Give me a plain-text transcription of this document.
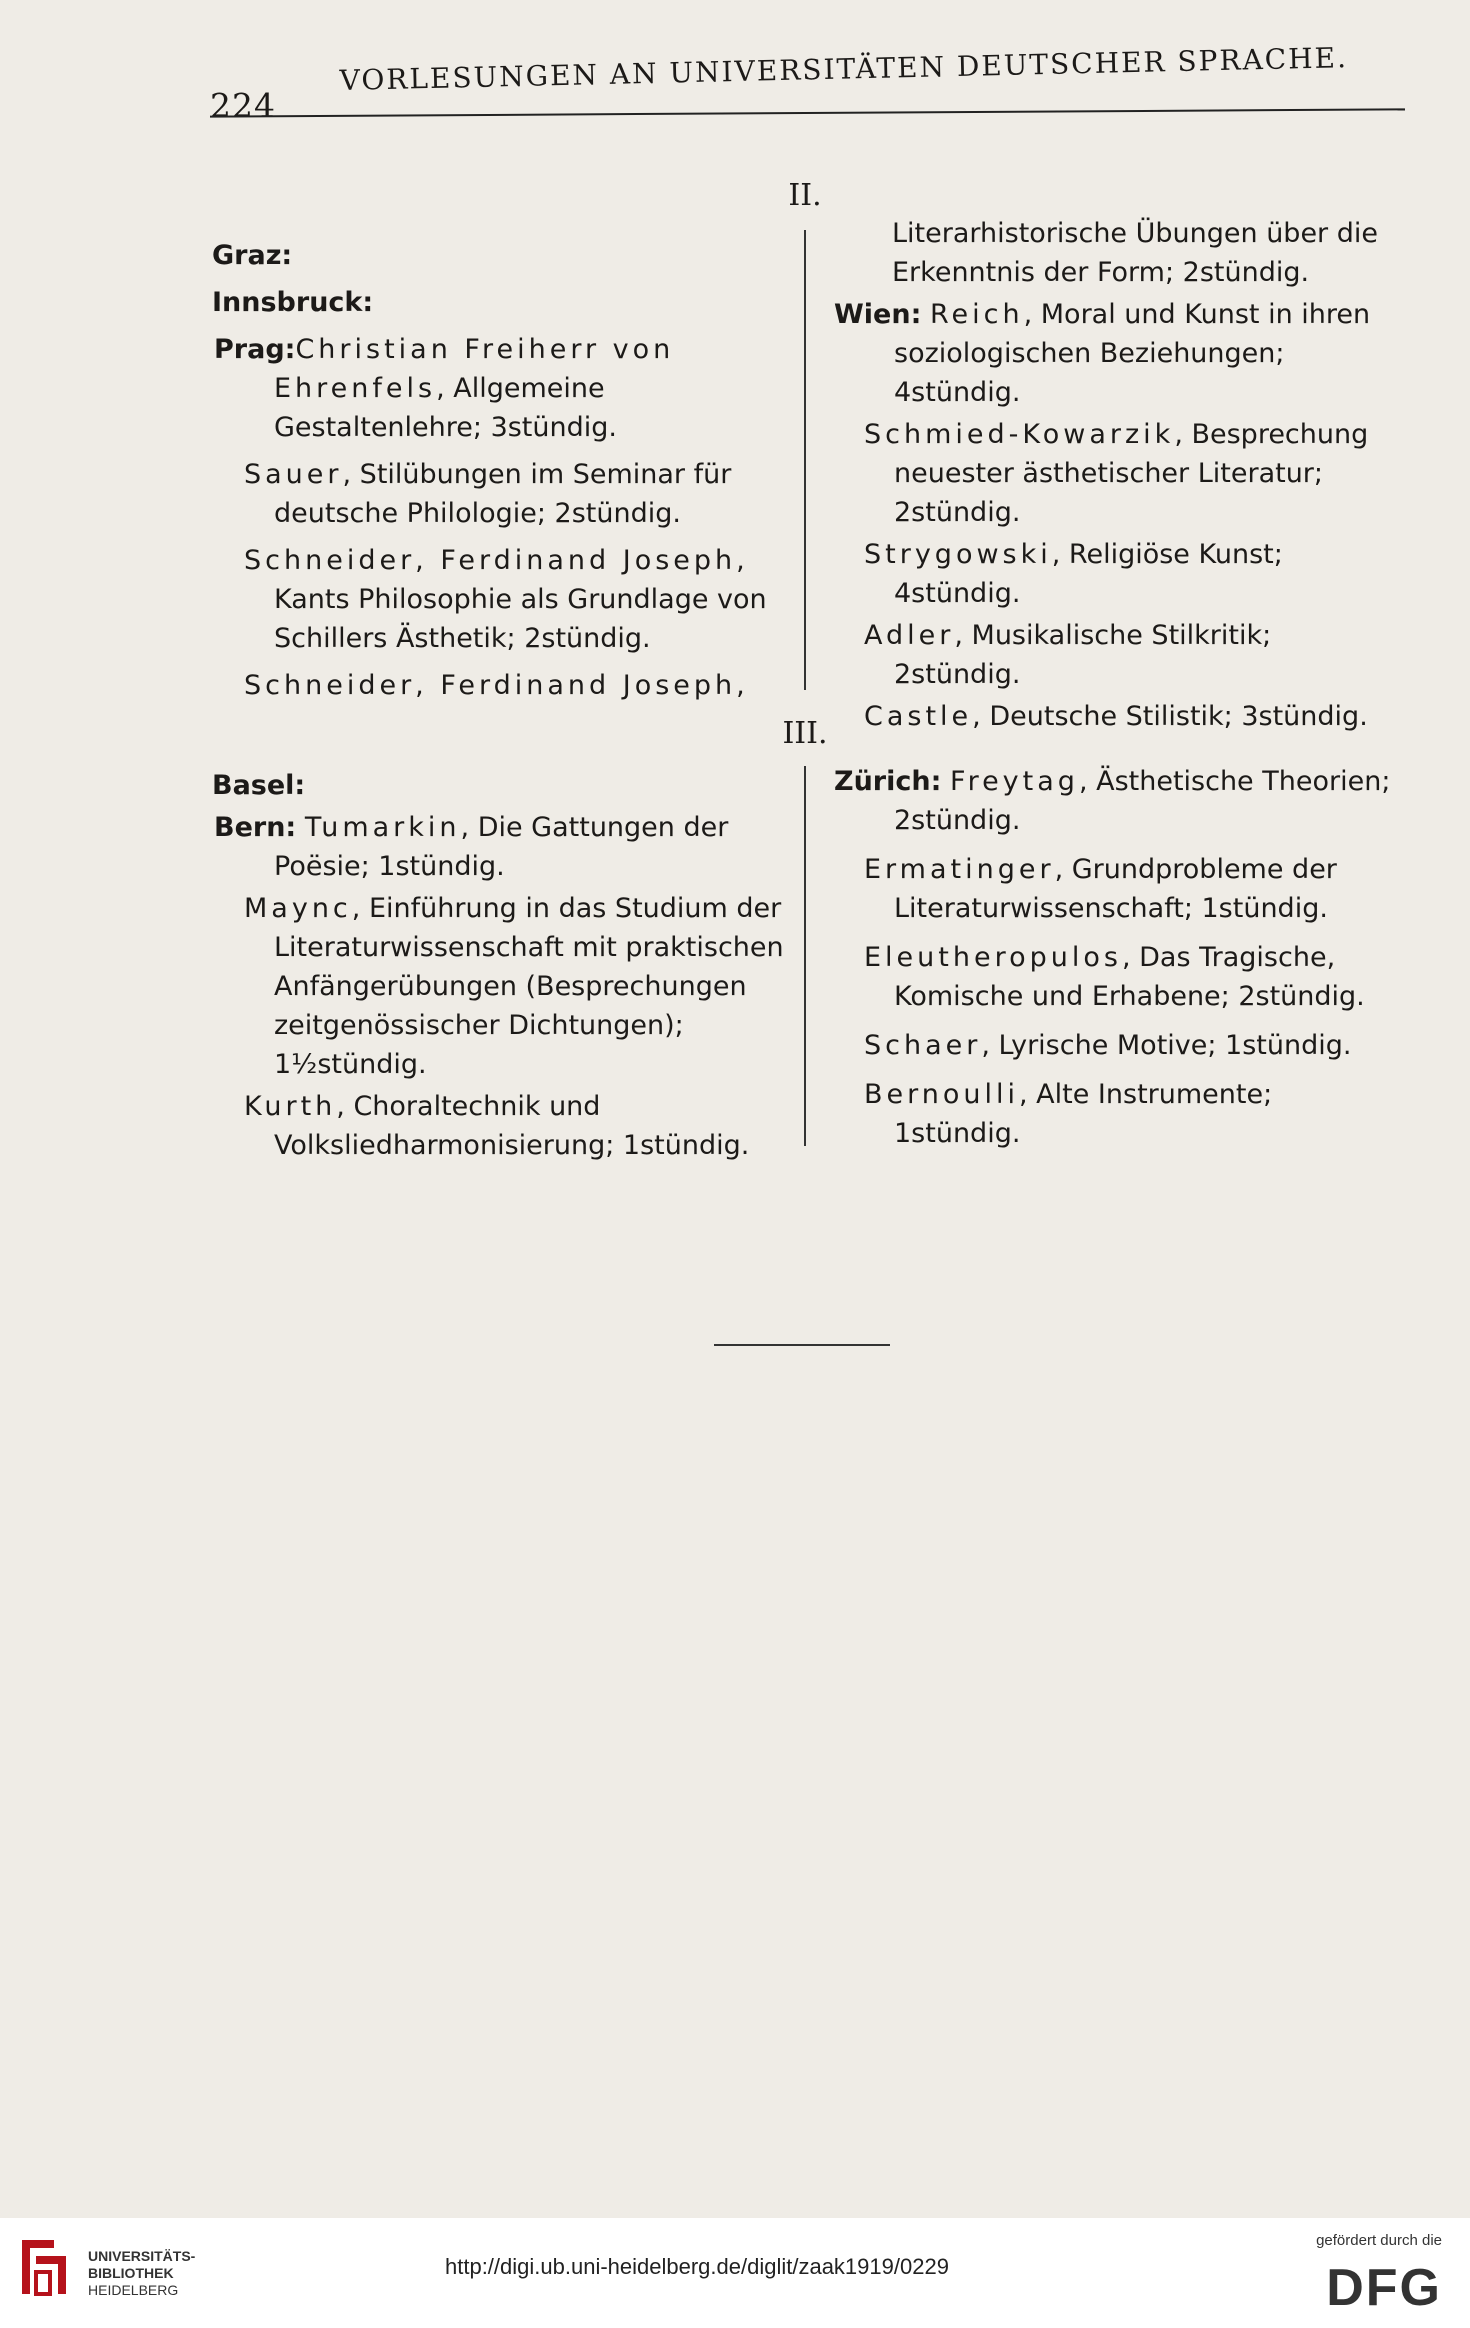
224
VORLESUNGEN AN UNIVERSITÄTEN DEUTSCHER SPRACHE.
II.

Graz:

Innsbruck:

Prag:Christian Freiherr von Ehrenfels, Allgemeine Gestaltenlehre; 3stündig.

Sauer, Stilübungen im Seminar für deutsche Philologie; 2stündig.

Schneider, Ferdinand Joseph, Kants Philosophie als Grundlage von Schillers Ästhetik; 2stündig.

Schneider, Ferdinand Joseph,

Literarhistorische Übungen über die Erkenntnis der Form; 2stündig.

Wien: Reich, Moral und Kunst in ihren soziologischen Beziehungen; 4stündig.

Schmied-Kowarzik, Besprechung neuester ästhetischer Literatur; 2stündig.

Strygowski, Religiöse Kunst; 4stündig.

Adler, Musikalische Stilkritik; 2stündig.

Castle, Deutsche Stilistik; 3stündig.

III.

Basel:

Bern: Tumarkin, Die Gattungen der Poësie; 1stündig.

Maync, Einführung in das Studium der Literaturwissenschaft mit praktischen Anfängerübungen (Besprechungen zeitgenössischer Dichtungen); 1½stündig.

Kurth, Choraltechnik und Volksliedharmonisierung; 1stündig.

Zürich: Freytag, Ästhetische Theorien; 2stündig.

Ermatinger, Grundprobleme der Literaturwissenschaft; 1stündig.

Eleutheropulos, Das Tragische, Komische und Erhabene; 2stündig.

Schaer, Lyrische Motive; 1stündig.

Bernoulli, Alte Instrumente; 1stündig.

UNIVERSITÄTS-
BIBLIOTHEK
HEIDELBERG
http://digi.ub.uni-heidelberg.de/diglit/zaak1919/0229
gefördert durch die
DFG
